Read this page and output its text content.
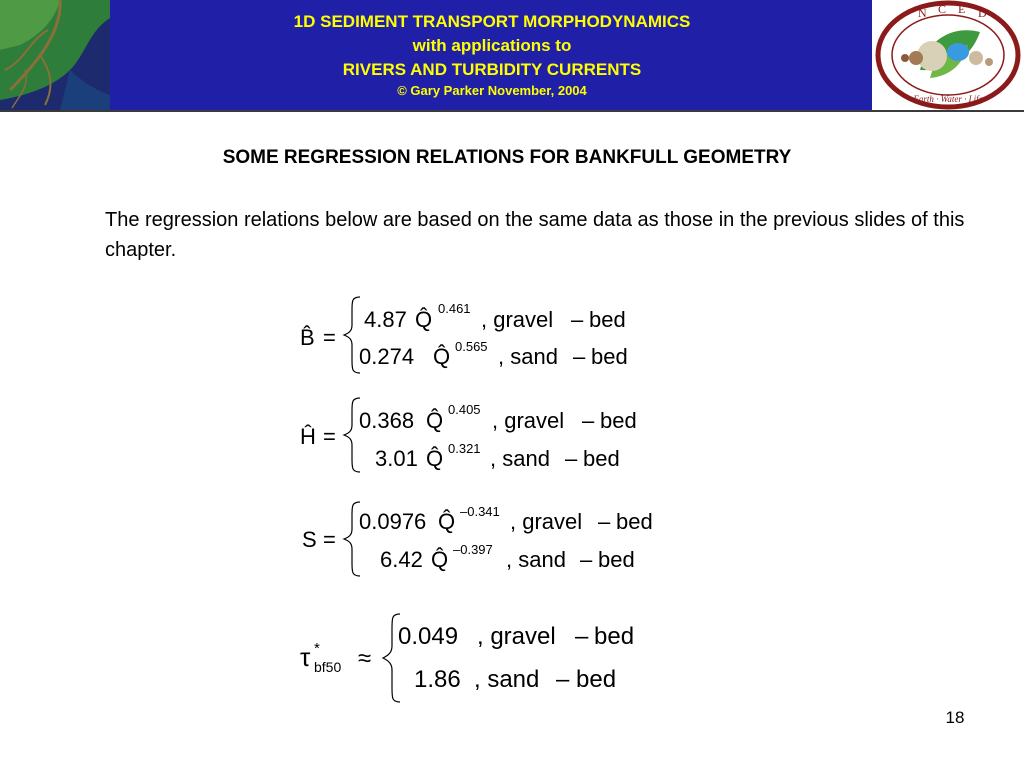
1D SEDIMENT TRANSPORT MORPHODYNAMICS
with applications to
RIVERS AND TURBIDITY CURRENTS
© Gary Parker November, 2004
N C E D
Earth · Water · Life
SOME REGRESSION RELATIONS FOR BANKFULL GEOMETRY
The regression relations below are based on the same data as those in the previous slides of this chapter.
B̂ =
4.87 Q̂ 0.461 , gravel – bed
0.274 Q̂ 0.565 , sand – bed
Ĥ =
0.368 Q̂ 0.405 , gravel – bed
3.01 Q̂ 0.321 , sand – bed
S =
0.0976 Q̂ –0.341 , gravel – bed
6.42 Q̂ –0.397 , sand – bed
τ *
bf50 ≈
0.049 , gravel – bed
1.86 , sand – bed
18
